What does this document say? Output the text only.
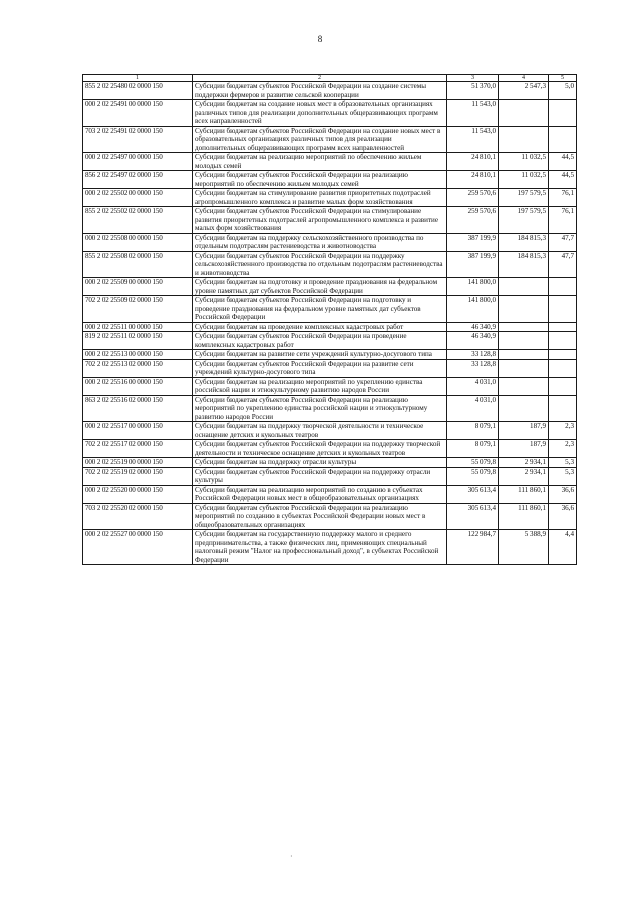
8
1	2	3	4	5
855 2 02 25480 02 0000 150	Субсидии бюджетам субъектов Российской Федерации на создание системы поддержки фермеров и развитие сельской кооперации	51 370,0	2 547,3	5,0
000 2 02 25491 00 0000 150	Субсидии бюджетам на создание новых мест в образовательных организациях различных типов для реализации дополнительных общеразвивающих программ всех направленностей	11 543,0		
703 2 02 25491 02 0000 150	Субсидии бюджетам субъектов Российской Федерации на создание новых мест в образовательных организациях различных типов для реализации дополнительных общеразвивающих программ всех направленностей	11 543,0		
000 2 02 25497 00 0000 150	Субсидии бюджетам на реализацию мероприятий по обеспечению жильем молодых семей	24 810,1	11 032,5	44,5
856 2 02 25497 02 0000 150	Субсидии бюджетам субъектов Российской Федерации на реализацию мероприятий по обеспечению жильем молодых семей	24 810,1	11 032,5	44,5
000 2 02 25502 00 0000 150	Субсидии бюджетам на стимулирование развития приоритетных подотраслей агропромышленного комплекса и развитие малых форм хозяйствования	259 570,6	197 579,5	76,1
855 2 02 25502 02 0000 150	Субсидии бюджетам субъектов Российской Федерации на стимулирование развития приоритетных подотраслей агропромышленного комплекса и развитие малых форм хозяйствования	259 570,6	197 579,5	76,1
000 2 02 25508 00 0000 150	Субсидии бюджетам на поддержку сельскохозяйственного производства по отдельным подотраслям растениеводства и животноводства	387 199,9	184 815,3	47,7
855 2 02 25508 02 0000 150	Субсидии бюджетам субъектов Российской Федерации на поддержку сельскохозяйственного производства по отдельным подотраслям растениеводства и животноводства	387 199,9	184 815,3	47,7
000 2 02 25509 00 0000 150	Субсидии бюджетам на подготовку и проведение празднования на федеральном уровне памятных дат субъектов Российской Федерации	141 800,0		
702 2 02 25509 02 0000 150	Субсидии бюджетам субъектов Российской Федерации на подготовку и проведение празднования на федеральном уровне памятных дат субъектов Российской Федерации	141 800,0		
000 2 02 25511 00 0000 150	Субсидии бюджетам на проведение комплексных кадастровых работ	46 340,9		
819 2 02 25511 02 0000 150	Субсидии бюджетам субъектов Российской Федерации на проведение комплексных кадастровых работ	46 340,9		
000 2 02 25513 00 0000 150	Субсидии бюджетам на развитие сети учреждений культурно-досугового типа	33 128,8		
702 2 02 25513 02 0000 150	Субсидии бюджетам субъектов Российской Федерации на развитие сети учреждений культурно-досугового типа	33 128,8		
000 2 02 25516 00 0000 150	Субсидии бюджетам на реализацию мероприятий по укреплению единства российской нации и этнокультурному развитию народов России	4 031,0		
863 2 02 25516 02 0000 150	Субсидии бюджетам субъектов Российской Федерации на реализацию мероприятий по укреплению единства российской нации и этнокультурному развитию народов России	4 031,0		
000 2 02 25517 00 0000 150	Субсидии бюджетам на поддержку творческой деятельности и техническое оснащение детских и кукольных театров	8 079,1	187,9	2,3
702 2 02 25517 02 0000 150	Субсидии бюджетам субъектов Российской Федерации на поддержку творческой деятельности и техническое оснащение детских и кукольных театров	8 079,1	187,9	2,3
000 2 02 25519 00 0000 150	Субсидии бюджетам на поддержку отрасли культуры	55 079,8	2 934,1	5,3
702 2 02 25519 02 0000 150	Субсидии бюджетам субъектов Российской Федерации на поддержку отрасли культуры	55 079,8	2 934,1	5,3
000 2 02 25520 00 0000 150	Субсидии бюджетам на реализацию мероприятий по созданию в субъектах Российской Федерации новых мест в общеобразовательных организациях	305 613,4	111 860,1	36,6
703 2 02 25520 02 0000 150	Субсидии бюджетам субъектов Российской Федерации на реализацию мероприятий по созданию в субъектах Российской Федерации новых мест в общеобразовательных организациях	305 613,4	111 860,1	36,6
000 2 02 25527 00 0000 150	Субсидии бюджетам на государственную поддержку малого и среднего предпринимательства, а также физических лиц, применяющих специальный налоговый режим "Налог на профессиональный доход", в субъектах Российской Федерации	122 984,7	5 388,9	4,4
·
